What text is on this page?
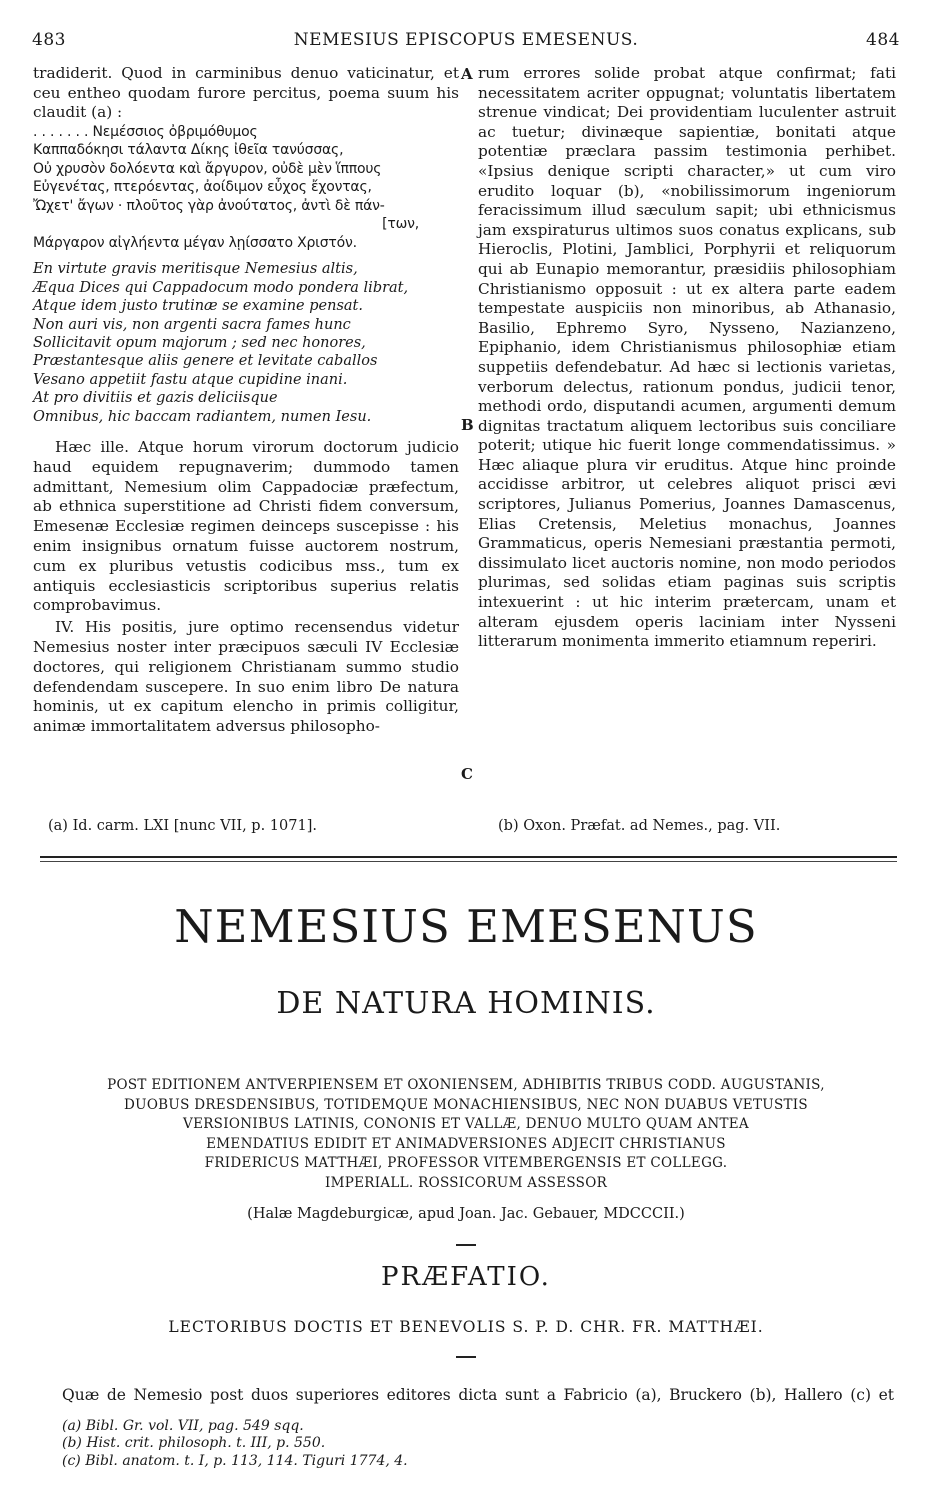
483	NEMESIUS EPISCOPUS EMESENUS.	484

tradiderit. Quod in carminibus denuo vaticinatur, et ceu entheo quodam furore percitus, poema suum his claudit (a) :

. . . . . . . Νεμέσσιος ὀβριμόθυμος
Καππαδόκησι τάλαντα Δίκης ἰθεῖα τανύσσας,
Οὐ χρυσὸν δολόεντα καὶ ἄργυρον, οὐδὲ μὲν ἵππους
Εὐγενέτας, πτερόεντας, ἀοίδιμον εὖχος ἔχοντας,
Ὤχετ' ἄγων · πλοῦτος γὰρ ἀνούτατος, ἀντὶ δὲ πάν-
[των,
Μάργαρον αἰγλήεντα μέγαν λῃίσσατο Χριστόν.
En virtute gravis meritisque Nemesius altis,
Æqua Dices qui Cappadocum modo pondera librat,
Atque idem justo trutinæ se examine pensat.
Non auri vis, non argenti sacra fames hunc
Sollicitavit opum majorum ; sed nec honores,
Præstantesque aliis genere et levitate caballos
Vesano appetiit fastu atque cupidine inani.
At pro divitiis et gazis deliciisque
Omnibus, hic baccam radiantem, numen Iesu.

Hæc ille. Atque horum virorum doctorum judicio haud equidem repugnaverim; dummodo tamen admittant, Nemesium olim Cappadociæ præfectum, ab ethnica superstitione ad Christi fidem conversum, Emesenæ Ecclesiæ regimen deinceps suscepisse : his enim insignibus ornatum fuisse auctorem nostrum, cum ex pluribus vetustis codicibus mss., tum ex antiquis ecclesiasticis scriptoribus superius relatis comprobavimus.

IV. His positis, jure optimo recensendus videtur Nemesius noster inter præcipuos sæculi IV Ecclesiæ doctores, qui religionem Christianam summo studio defendendam suscepere. In suo enim libro De natura hominis, ut ex capitum elencho in primis colligitur, animæ immortalitatem adversus philosopho-

(a) Id. carm. LXI [nunc VII, p. 1071].
A
B
C

rum errores solide probat atque confirmat; fati necessitatem acriter oppugnat; voluntatis libertatem strenue vindicat; Dei providentiam luculenter astruit ac tuetur; divinæque sapientiæ, bonitati atque potentiæ præclara passim testimonia perhibet. «Ipsius denique scripti character,» ut cum viro erudito loquar (b), «nobilissimorum ingeniorum feracissimum illud sæculum sapit; ubi ethnicismus jam exspiraturus ultimos suos conatus explicans, sub Hieroclis, Plotini, Jamblici, Porphyrii et reliquorum qui ab Eunapio memorantur, præsidiis philosophiam Christianismo opposuit : ut ex altera parte eadem tempestate auspiciis non minoribus, ab Athanasio, Basilio, Ephremo Syro, Nysseno, Nazianzeno, Epiphanio, idem Christianismus philosophiæ etiam suppetiis defendebatur. Ad hæc si lectionis varietas, verborum delectus, rationum pondus, judicii tenor, methodi ordo, disputandi acumen, argumenti demum dignitas tractatum aliquem lectoribus suis conciliare poterit; utique hic fuerit longe commendatissimus. » Hæc aliaque plura vir eruditus. Atque hinc proinde accidisse arbitror, ut celebres aliquot prisci ævi scriptores, Julianus Pomerius, Joannes Damascenus, Elias Cretensis, Meletius monachus, Joannes Grammaticus, operis Nemesiani præstantia permoti, dissimulato licet auctoris nomine, non modo periodos plurimas, sed solidas etiam paginas suis scriptis intexuerint : ut hic interim prætercam, unam et alteram ejusdem operis laciniam inter Nysseni litterarum monimenta immerito etiamnum reperiri.

(b) Oxon. Præfat. ad Nemes., pag. VII.
NEMESIUS EMESENUS
DE NATURA HOMINIS.
POST EDITIONEM ANTVERPIENSEM ET OXONIENSEM, ADHIBITIS TRIBUS CODD. AUGUSTANIS,
DUOBUS DRESDENSIBUS, TOTIDEMQUE MONACHIENSIBUS, NEC NON DUABUS VETUSTIS
VERSIONIBUS LATINIS, CONONIS ET VALLÆ, DENUO MULTO QUAM ANTEA
EMENDATIUS EDIDIT ET ANIMADVERSIONES ADJECIT CHRISTIANUS
FRIDERICUS MATTHÆI, PROFESSOR VITEMBERGENSIS ET COLLEGG.
IMPERIALL. ROSSICORUM ASSESSOR
(Halæ Magdeburgicæ, apud Joan. Jac. Gebauer, MDCCCII.)
PRÆFATIO.
LECTORIBUS DOCTIS ET BENEVOLIS S. P. D. CHR. FR. MATTHÆI.
Quæ de Nemesio post duos superiores editores dicta sunt a Fabricio (a), Bruckero (b), Hallero (c) et
(a) Bibl. Gr. vol. VII, pag. 549 sqq.
(b) Hist. crit. philosoph. t. III, p. 550.
(c) Bibl. anatom. t. I, p. 113, 114. Tiguri 1774, 4.
